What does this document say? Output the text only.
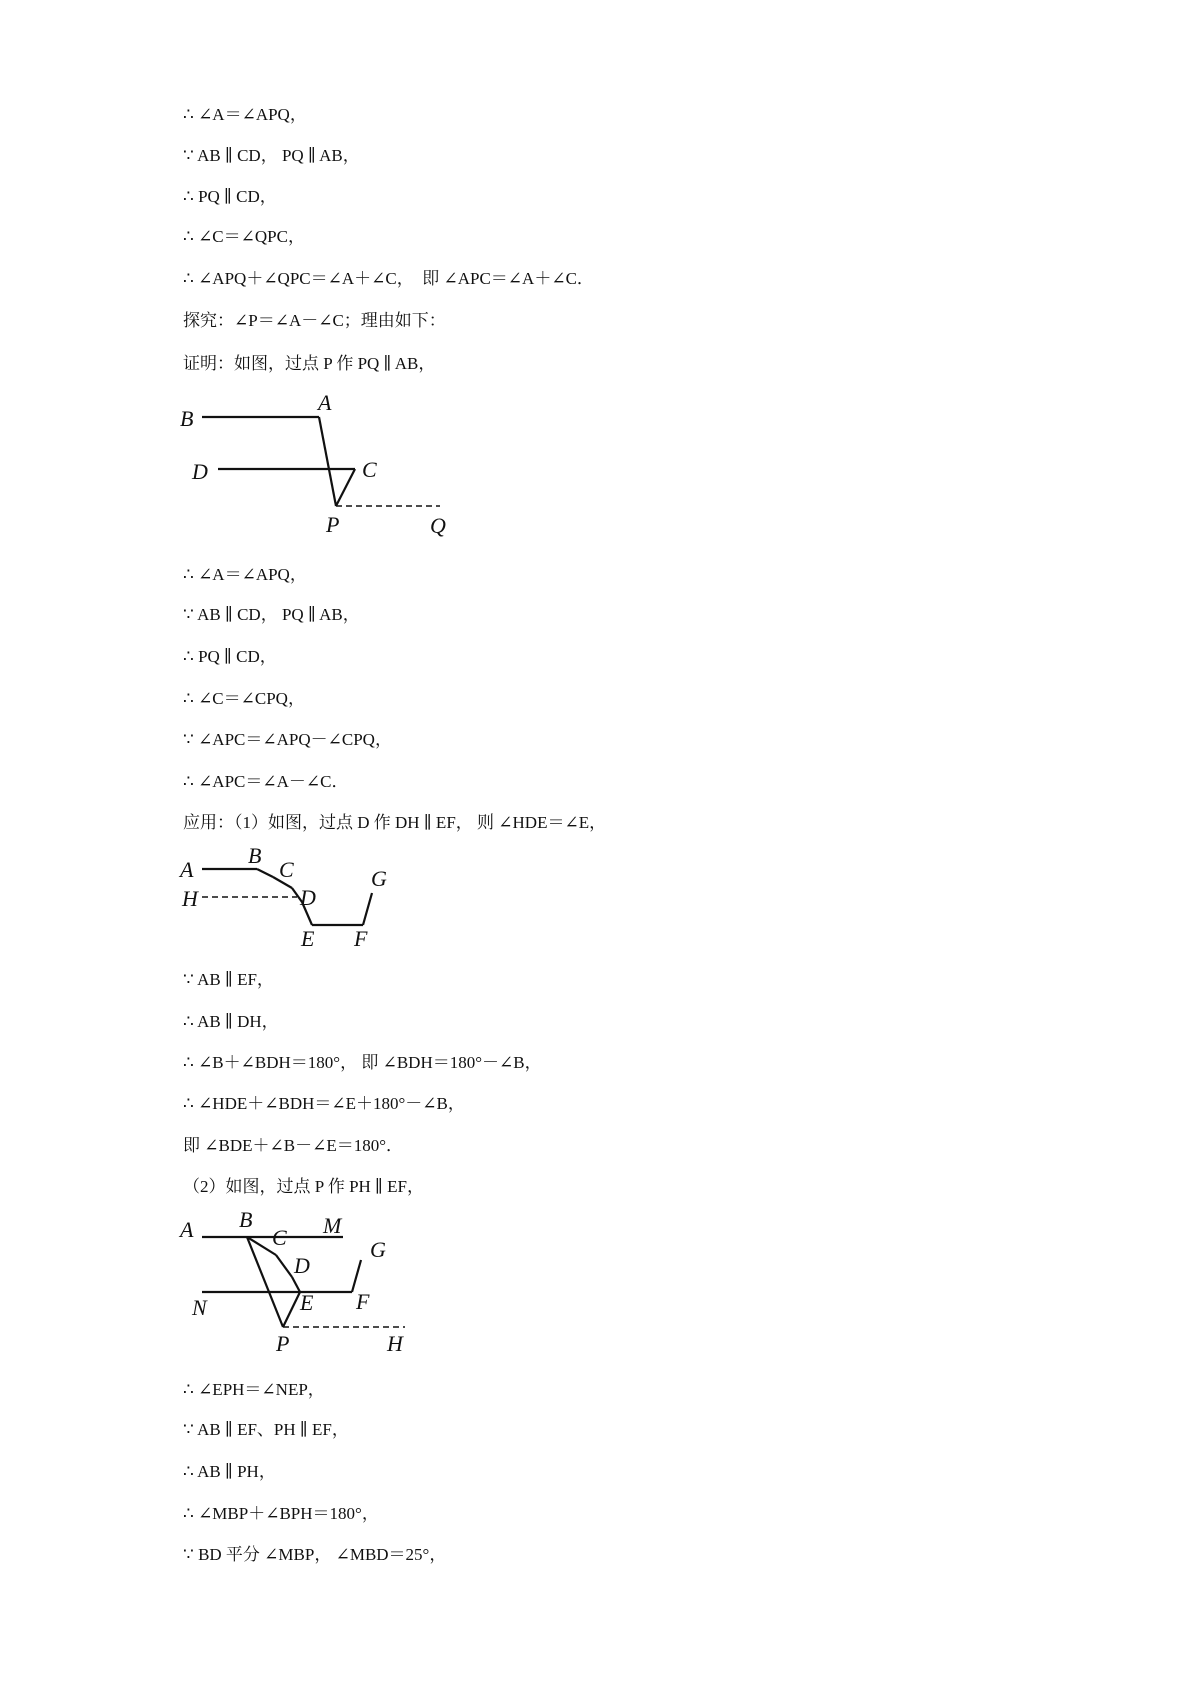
∴ ∠A＝∠APQ，
∵ AB ∥ CD， PQ ∥ AB，
∴ PQ ∥ CD，
∴ ∠C＝∠QPC，
∴ ∠APQ＋∠QPC＝∠A＋∠C，　即 ∠APC＝∠A＋∠C．
探究：∠P＝∠A－∠C；理由如下：
证明：如图，过点 P 作 PQ ∥ AB，
B
A
D	C
P	Q
∴ ∠A＝∠APQ，
∵ AB ∥ CD， PQ ∥ AB，
∴ PQ ∥ CD，
∴ ∠C＝∠CPQ，
∵ ∠APC＝∠APQ－∠CPQ，
∴ ∠APC＝∠A－∠C．
应用：（1）如图，过点 D 作 DH ∥ EF， 则 ∠HDE＝∠E，
A
B
C
D
H
G
E F
∵ AB ∥ EF，
∴ AB ∥ DH，
∴ ∠B＋∠BDH＝180°， 即 ∠BDH＝180°－∠B，
∴ ∠HDE＋∠BDH＝∠E＋180°－∠B，
即 ∠BDE＋∠B－∠E＝180°．
（2）如图，过点 P 作 PH ∥ EF，
A B
C M
D
G
N	E F
P	H
∴ ∠EPH＝∠NEP，
∵ AB ∥ EF、PH ∥ EF，
∴ AB ∥ PH，
∴ ∠MBP＋∠BPH＝180°，
∵ BD 平分 ∠MBP， ∠MBD＝25°，
